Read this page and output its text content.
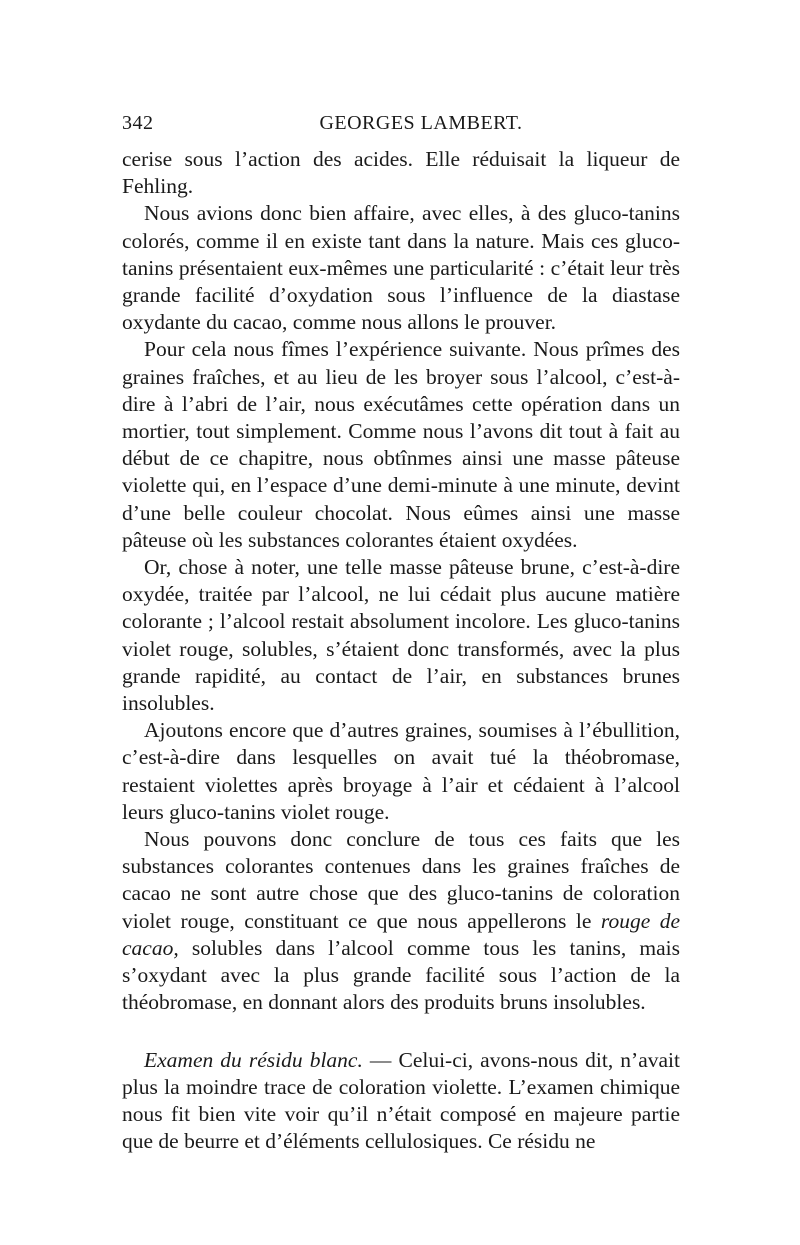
342	GEORGES LAMBERT.

cerise sous l’action des acides. Elle réduisait la liqueur de Fehling.

Nous avions donc bien affaire, avec elles, à des gluco-tanins colorés, comme il en existe tant dans la nature. Mais ces gluco-tanins présentaient eux-mêmes une particularité : c’était leur très grande facilité d’oxydation sous l’influence de la diastase oxydante du cacao, comme nous allons le prouver.

Pour cela nous fîmes l’expérience suivante. Nous prîmes des graines fraîches, et au lieu de les broyer sous l’alcool, c’est-à-dire à l’abri de l’air, nous exécutâmes cette opération dans un mortier, tout simplement. Comme nous l’avons dit tout à fait au début de ce chapitre, nous obtînmes ainsi une masse pâteuse violette qui, en l’espace d’une demi-minute à une minute, devint d’une belle couleur chocolat. Nous eûmes ainsi une masse pâteuse où les substances colorantes étaient oxydées.

Or, chose à noter, une telle masse pâteuse brune, c’est-à-dire oxydée, traitée par l’alcool, ne lui cédait plus aucune matière colorante ; l’alcool restait absolument incolore. Les gluco-tanins violet rouge, solubles, s’étaient donc transformés, avec la plus grande rapidité, au contact de l’air, en substances brunes insolubles.

Ajoutons encore que d’autres graines, soumises à l’ébullition, c’est-à-dire dans lesquelles on avait tué la théobromase, restaient violettes après broyage à l’air et cédaient à l’alcool leurs gluco-tanins violet rouge.

Nous pouvons donc conclure de tous ces faits que les substances colorantes contenues dans les graines fraîches de cacao ne sont autre chose que des gluco-tanins de coloration violet rouge, constituant ce que nous appellerons le rouge de cacao, solubles dans l’alcool comme tous les tanins, mais s’oxydant avec la plus grande facilité sous l’action de la théobromase, en donnant alors des produits bruns insolubles.

Examen du résidu blanc. — Celui-ci, avons-nous dit, n’avait plus la moindre trace de coloration violette. L’examen chimique nous fit bien vite voir qu’il n’était composé en majeure partie que de beurre et d’éléments cellulosiques. Ce résidu ne
